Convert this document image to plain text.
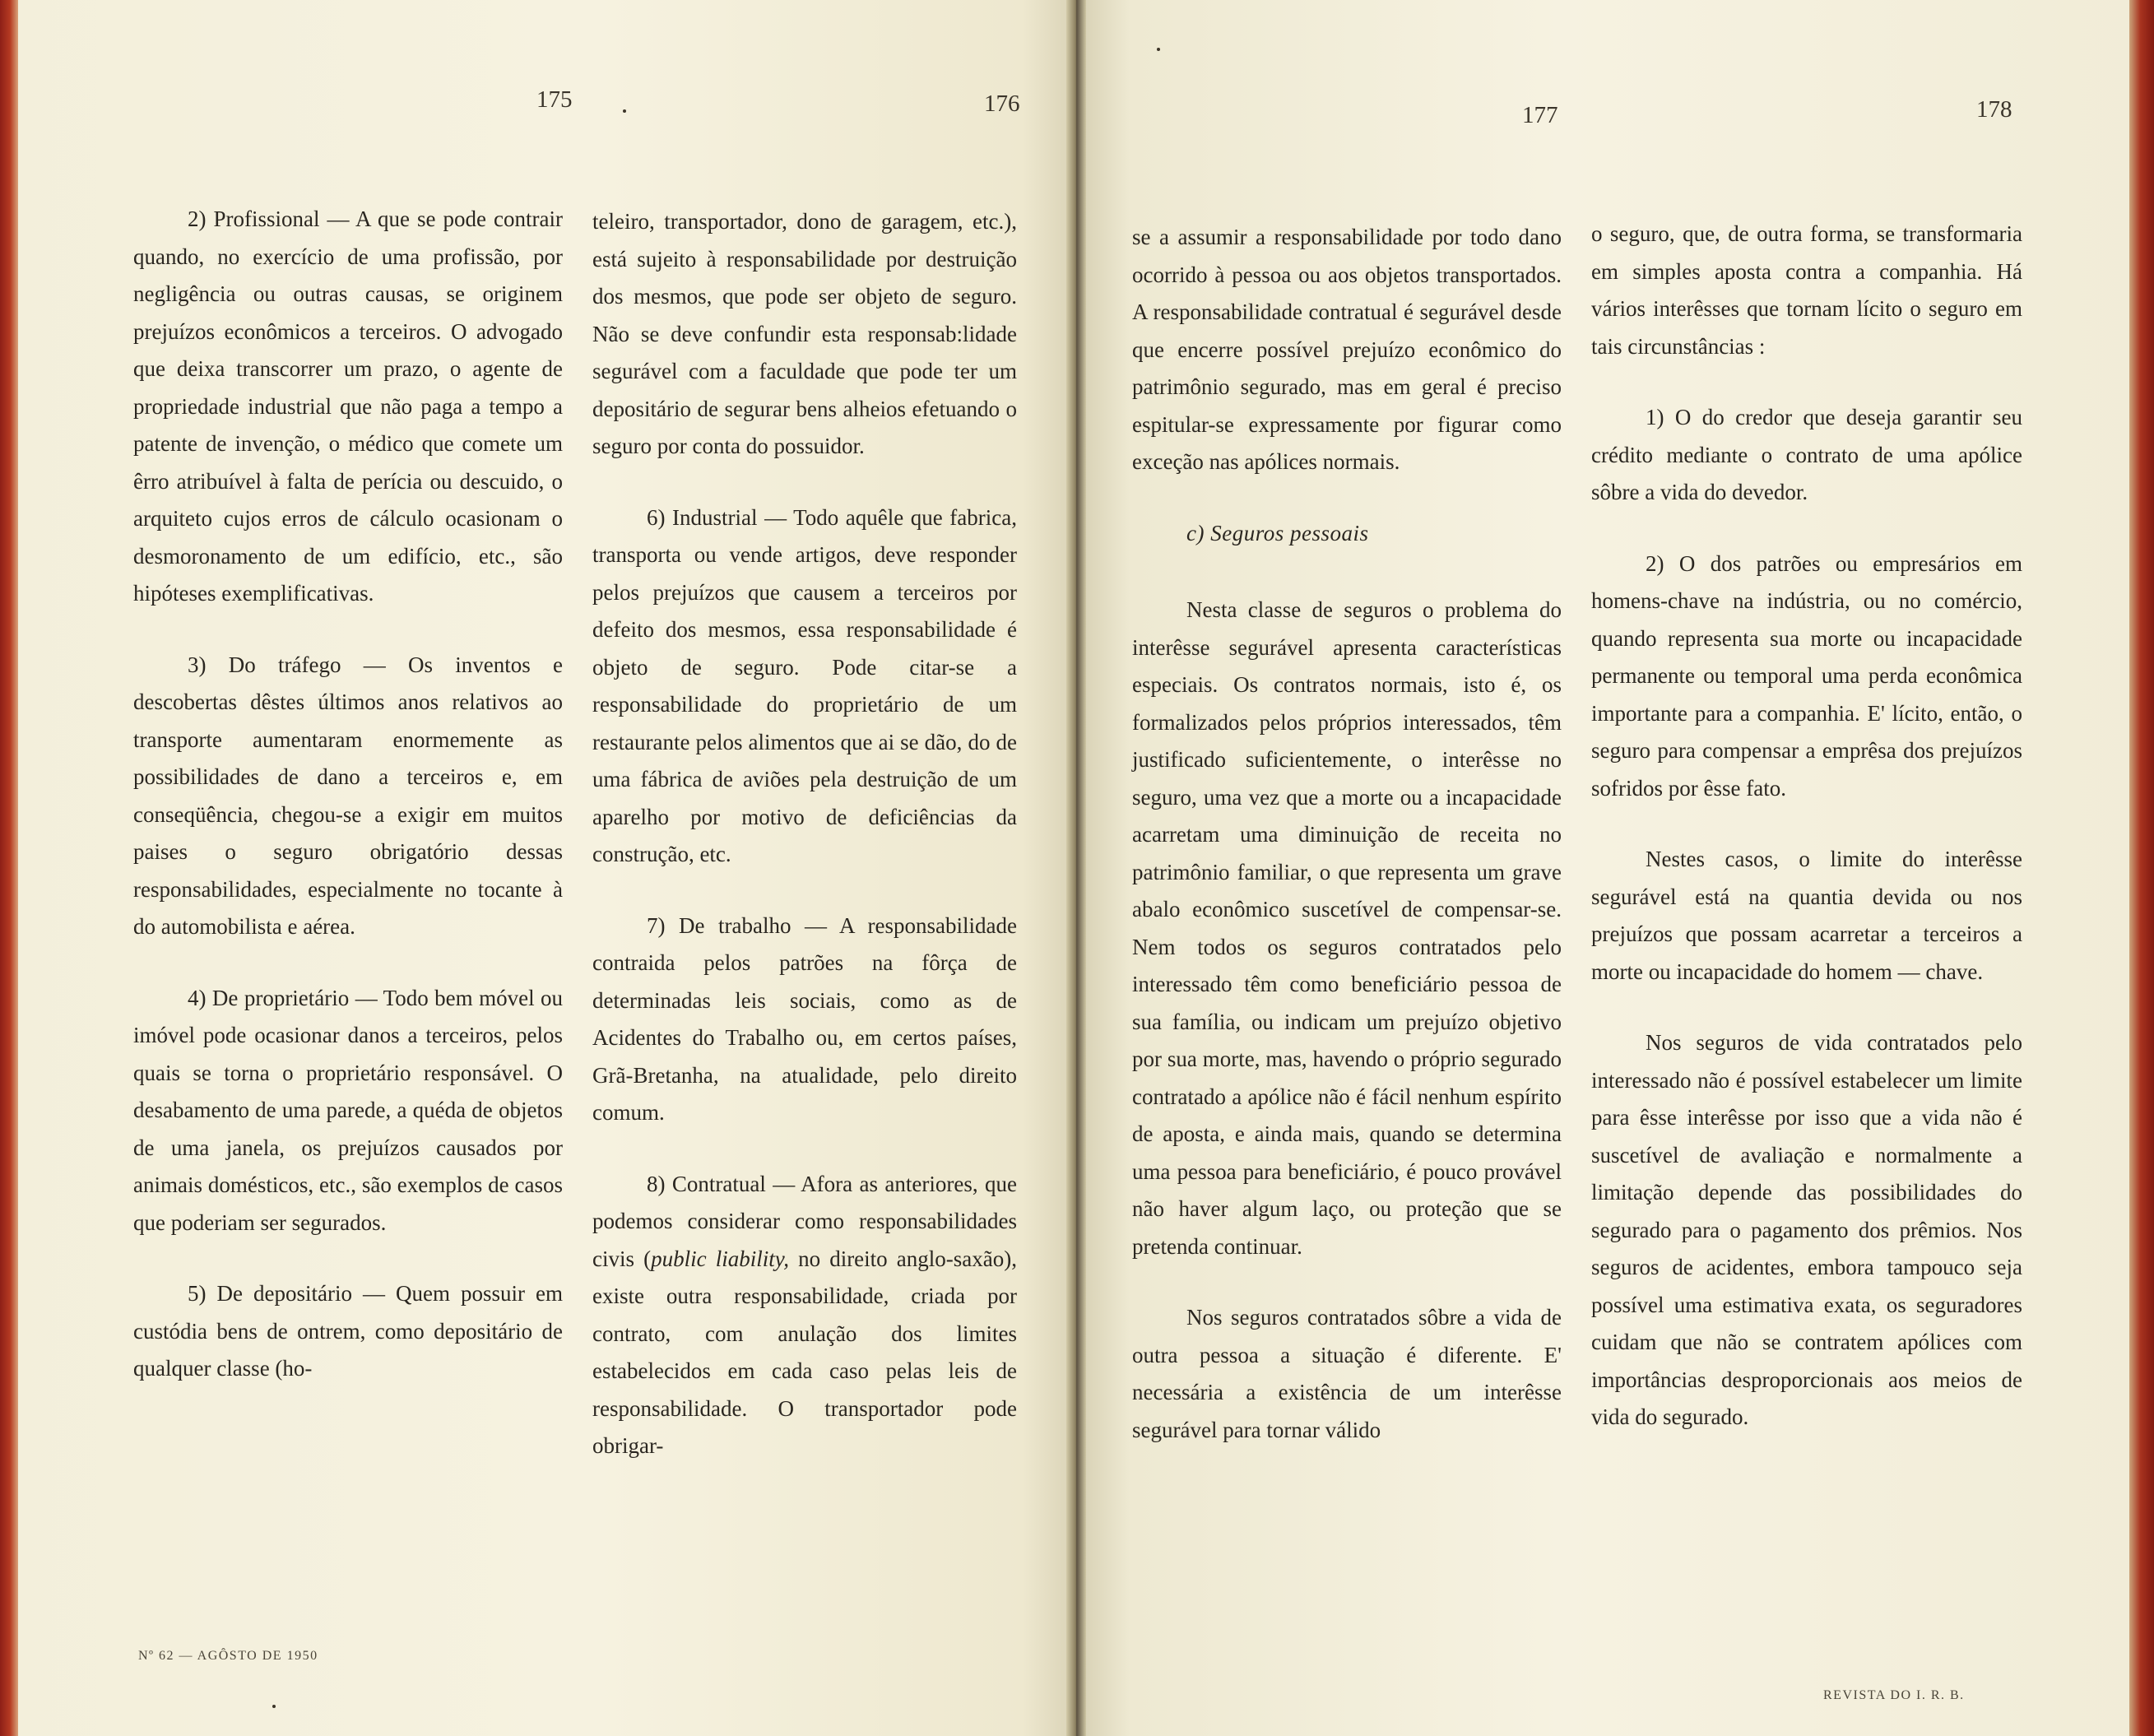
175	176	177	178

2) Profissional — A que se pode contrair quando, no exercício de uma profissão, por negligência ou outras causas, se originem prejuízos econômicos a terceiros. O advogado que deixa transcorrer um prazo, o agente de propriedade industrial que não paga a tempo a patente de invenção, o médico que comete um êrro atribuível à falta de perícia ou descuido, o arquiteto cujos erros de cálculo ocasionam o desmoronamento de um edifício, etc., são hipóteses exemplificativas.

3) Do tráfego — Os inventos e descobertas dêstes últimos anos relativos ao transporte aumentaram enormemente as possibilidades de dano a terceiros e, em conseqüência, chegou-se a exigir em muitos paises o seguro obrigatório dessas responsabilidades, especialmente no tocante à do automobilista e aérea.

4) De proprietário — Todo bem móvel ou imóvel pode ocasionar danos a terceiros, pelos quais se torna o proprietário responsável. O desabamento de uma parede, a quéda de objetos de uma janela, os prejuízos causados por animais domésticos, etc., são exemplos de casos que poderiam ser segurados.

5) De depositário — Quem possuir em custódia bens de ontrem, como depositário de qualquer classe (ho-

teleiro, transportador, dono de garagem, etc.), está sujeito à responsabilidade por destruição dos mesmos, que pode ser objeto de seguro. Não se deve confundir esta responsab:lidade segurável com a faculdade que pode ter um depositário de segurar bens alheios efetuando o seguro por conta do possuidor.

6) Industrial — Todo aquêle que fabrica, transporta ou vende artigos, deve responder pelos prejuízos que causem a terceiros por defeito dos mesmos, essa responsabilidade é objeto de seguro. Pode citar-se a responsabilidade do proprietário de um restaurante pelos alimentos que ai se dão, do de uma fábrica de aviões pela destruição de um aparelho por motivo de deficiências da construção, etc.

7) De trabalho — A responsabilidade contraida pelos patrões na fôrça de determinadas leis sociais, como as de Acidentes do Trabalho ou, em certos países, Grã-Bretanha, na atualidade, pelo direito comum.

8) Contratual — Afora as anteriores, que podemos considerar como responsabilidades civis (public liability, no direito anglo-saxão), existe outra responsabilidade, criada por contrato, com anulação dos limites estabelecidos em cada caso pelas leis de responsabilidade. O transportador pode obrigar-

se a assumir a responsabilidade por todo dano ocorrido à pessoa ou aos objetos transportados. A responsabilidade contratual é segurável desde que encerre possível prejuízo econômico do patrimônio segurado, mas em geral é preciso espitular-se expressamente por figurar como exceção nas apólices normais.

c) Seguros pessoais

Nesta classe de seguros o problema do interêsse segurável apresenta características especiais. Os contratos normais, isto é, os formalizados pelos próprios interessados, têm justificado suficientemente, o interêsse no seguro, uma vez que a morte ou a incapacidade acarretam uma diminuição de receita no patrimônio familiar, o que representa um grave abalo econômico suscetível de compensar-se. Nem todos os seguros contratados pelo interessado têm como beneficiário pessoa de sua família, ou indicam um prejuízo objetivo por sua morte, mas, havendo o próprio segurado contratado a apólice não é fácil nenhum espírito de aposta, e ainda mais, quando se determina uma pessoa para beneficiário, é pouco provável não haver algum laço, ou proteção que se pretenda continuar.

Nos seguros contratados sôbre a vida de outra pessoa a situação é diferente. E' necessária a existência de um interêsse segurável para tornar válido

o seguro, que, de outra forma, se transformaria em simples aposta contra a companhia. Há vários interêsses que tornam lícito o seguro em tais circunstâncias :

1) O do credor que deseja garantir seu crédito mediante o contrato de uma apólice sôbre a vida do devedor.

2) O dos patrões ou empresários em homens-chave na indústria, ou no comércio, quando representa sua morte ou incapacidade permanente ou temporal uma perda econômica importante para a companhia. E' lícito, então, o seguro para compensar a emprêsa dos prejuízos sofridos por êsse fato.

Nestes casos, o limite do interêsse segurável está na quantia devida ou nos prejuízos que possam acarretar a terceiros a morte ou incapacidade do homem — chave.

Nos seguros de vida contratados pelo interessado não é possível estabelecer um limite para êsse interêsse por isso que a vida não é suscetível de avaliação e normalmente a limitação depende das possibilidades do segurado para o pagamento dos prêmios. Nos seguros de acidentes, embora tampouco seja possível uma estimativa exata, os seguradores cuidam que não se contratem apólices com importâncias desproporcionais aos meios de vida do segurado.

Nº 62 — AGÔSTO DE 1950
REVISTA DO I. R. B.
